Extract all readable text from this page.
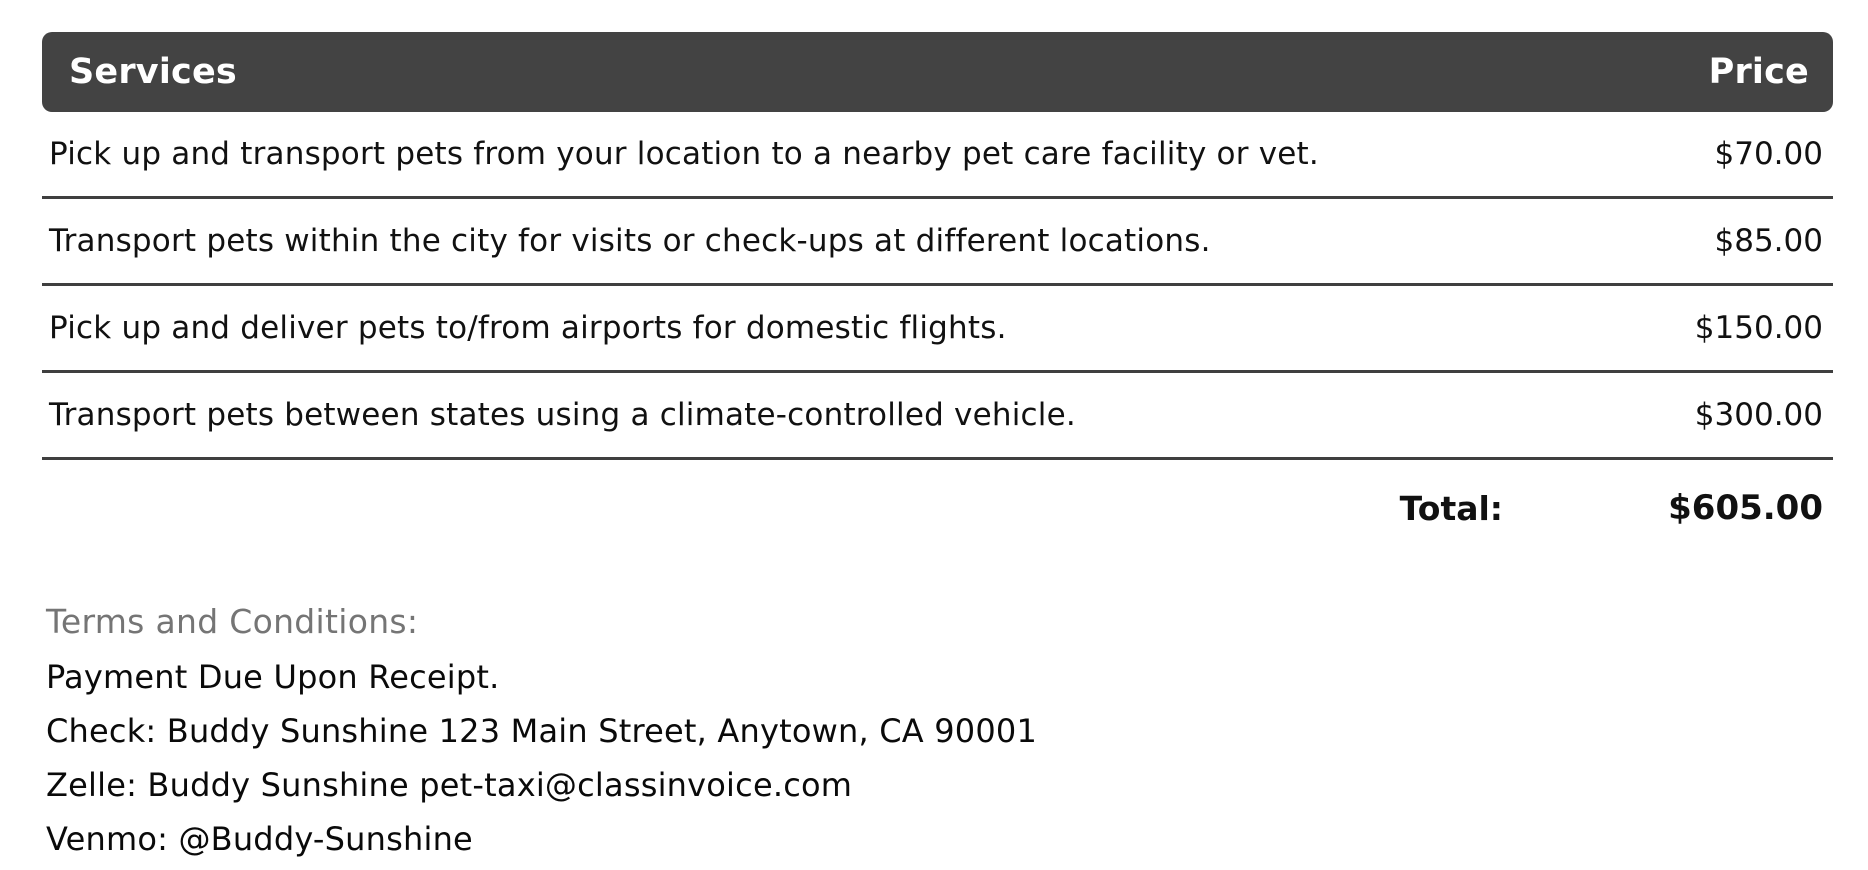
Services	Price
Pick up and transport pets from your location to a nearby pet care facility or vet.	$70.00
Transport pets within the city for visits or check-ups at different locations.	$85.00
Pick up and deliver pets to/from airports for domestic flights.	$150.00
Transport pets between states using a climate-controlled vehicle.	$300.00
Total:	$605.00
Terms and Conditions:
Payment Due Upon Receipt.
Check: Buddy Sunshine 123 Main Street, Anytown, CA 90001
Zelle: Buddy Sunshine pet-taxi@classinvoice.com
Venmo: @Buddy-Sunshine
